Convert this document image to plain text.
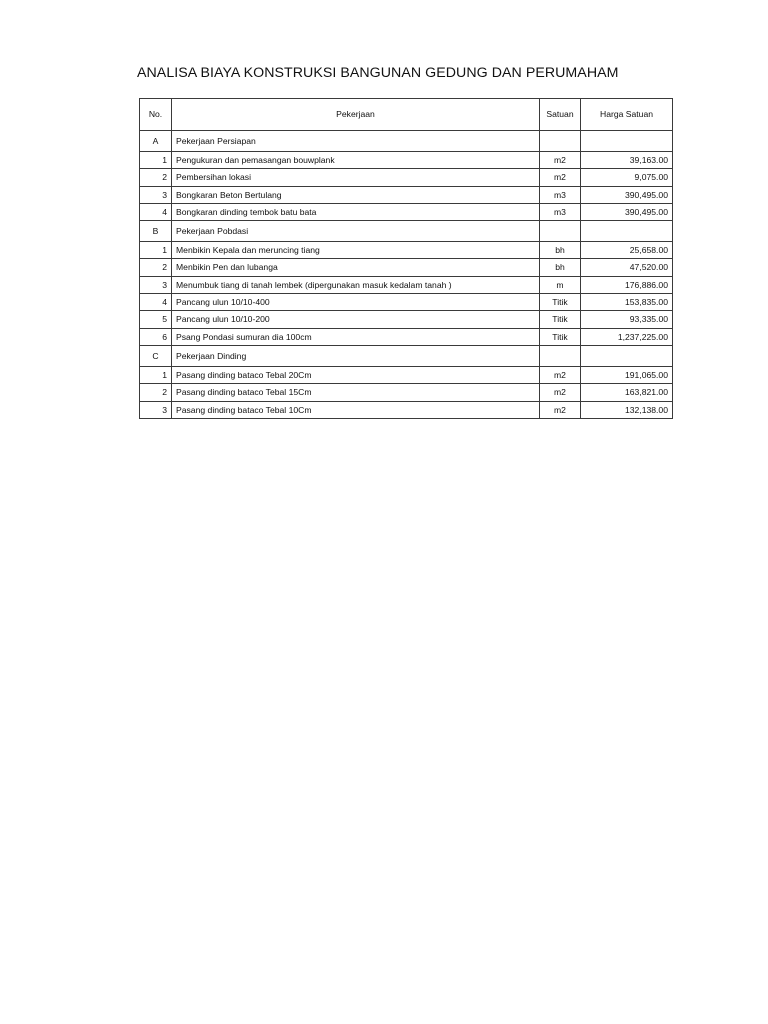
ANALISA BIAYA KONSTRUKSI BANGUNAN GEDUNG DAN PERUMAHAM
No.	Pekerjaan	Satuan	Harga Satuan
A	Pekerjaan Persiapan		
1	Pengukuran dan pemasangan bouwplank	m2	39,163.00
2	Pembersihan lokasi	m2	9,075.00
3	Bongkaran Beton Bertulang	m3	390,495.00
4	Bongkaran dinding tembok batu bata	m3	390,495.00
B	Pekerjaan Pobdasi		
1	Menbikin Kepala dan meruncing tiang	bh	25,658.00
2	Menbikin Pen dan lubanga	bh	47,520.00
3	Menumbuk tiang di tanah lembek (dipergunakan masuk kedalam tanah )	m	176,886.00
4	Pancang ulun 10/10-400	Titik	153,835.00
5	Pancang ulun 10/10-200	Titik	93,335.00
6	Psang Pondasi sumuran dia 100cm	Titik	1,237,225.00
C	Pekerjaan Dinding		
1	Pasang dinding bataco Tebal 20Cm	m2	191,065.00
2	Pasang dinding bataco Tebal 15Cm	m2	163,821.00
3	Pasang dinding bataco Tebal 10Cm	m2	132,138.00
